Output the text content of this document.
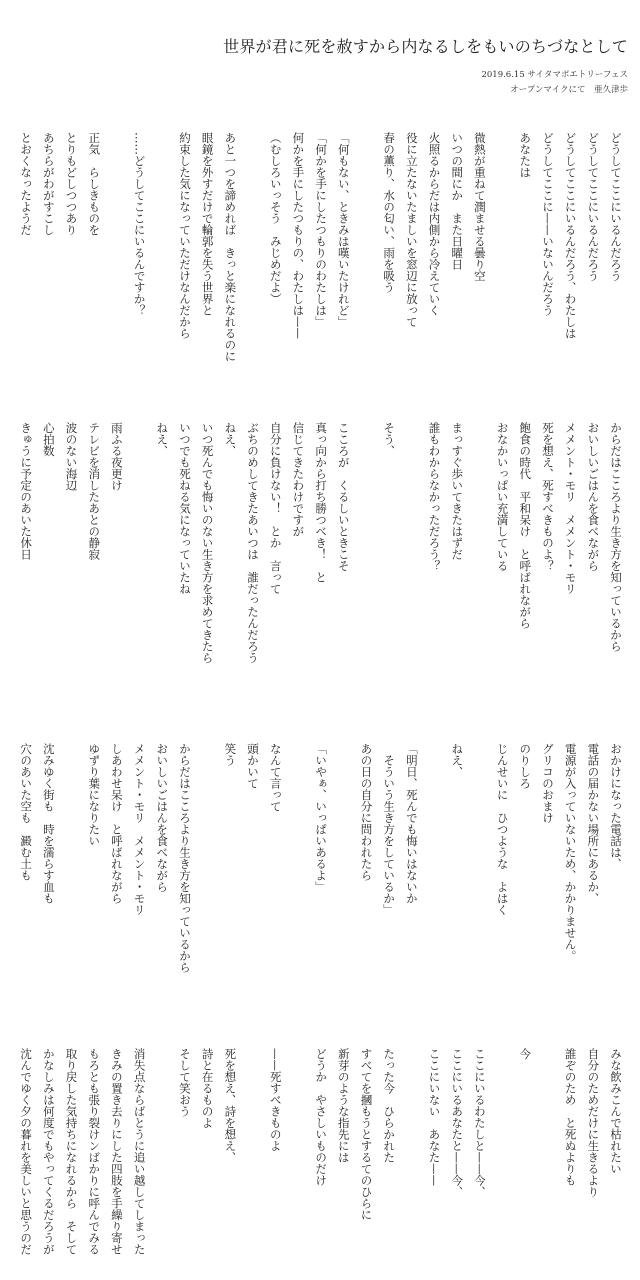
世界が君に死を赦すから内なるしをもいのちづなとして
2019.6.15 サイタマポエトリーフェス
オープンマイクにて　亜久津歩
どうしてここにいるんだろう
どうしてここにいるんだろう
どうしてここにいるんだろう、わたしは
どうしてここに——いないんだろう
あなたは
微熱が重ねて潤ませる曇り空
いつの間にか　また日曜日
火照るからだは内側から冷えていく
役に立たないたましいを窓辺に放って
春の薫り、水の匂い、雨を吸う
「何もない、ときみは嘆いたけれど」
「何かを手にしたつもりのわたしは」
何かを手にしたつもりの、わたしは——
（むしろいっそう　みじめだよ）
あと一つを諦めれば　きっと楽になれるのに
眼鏡を外すだけで輪郭を失う世界と
約束した気になっていただけなんだから
……どうしてここにいるんですか？
正気　らしきものを
とりもどしつつあり
あちらがわがすこし
とおくなったようだ
からだはこころより生き方を知っているから
おいしいごはんを食べながら
メメント・モリ　メメント・モリ
死を想え、死すべきものよ？
飽食の時代　平和呆け　と呼ばれながら
おなかいっぱい充満している
まっすぐ歩いてきたはずだ
誰もわからなかっただろう？
そう、
こころが　くるしいときこそ
真っ向から打ち勝つべき！　と
信じてきたわけですが
自分に負けない！　とか　言って
ぶちのめしてきたあいつは　誰だったんだろう
ねえ、
いつ死んでも悔いのない生き方を求めてきたら
いつでも死ねる気になっていたね
ねえ、
雨ふる夜更け
テレビを消したあとの静寂
波のない海辺
心拍数
きゅうに予定のあいた休日
おかけになった電話は、
電話の届かない場所にあるか、
電源が入っていないため、かかりません。
グリコのおまけ
のりしろ
じんせいに　ひつような　よはく
ねえ、
「明日、死んでも悔いはないか
　そういう生き方をしているか」
あの日の自分に問われたら
「いやぁ、いっぱいあるよ」
なんて言って
頭かいて
笑う
からだはこころより生き方を知っているから
おいしいごはんを食べながら
メメント・モリ　メメント・モリ
しあわせ呆け　と呼ばれながら
ゆずり葉になりたい
沈みゆく街も　時を濡らす血も
穴のあいた空も　澱む土も
みな飲みこんで枯れたい
自分のためだけに生きるより
誰ぞのため　と死ぬよりも
今
ここにいるわたしと——今、
ここにいるあなたと——今、
ここにいない　あなた——
たった今　ひらかれた
すべてを摑もうとするてのひらに
新芽のような指先には
どうか　やさしいものだけ
——死すべきものよ
死を想え、詩を想え、
詩と在るものよ
そして笑おう
消失点ならばとうに追い越してしまった
きみの置き去りにした四肢を手繰り寄せ
もろとも張り裂けンばかりに呼んでみる
取り戻した気持ちになれるから　そして
かなしみは何度でもやってくるだろうが
沈んでゆく夕の暮れを美しいと思うのだ
